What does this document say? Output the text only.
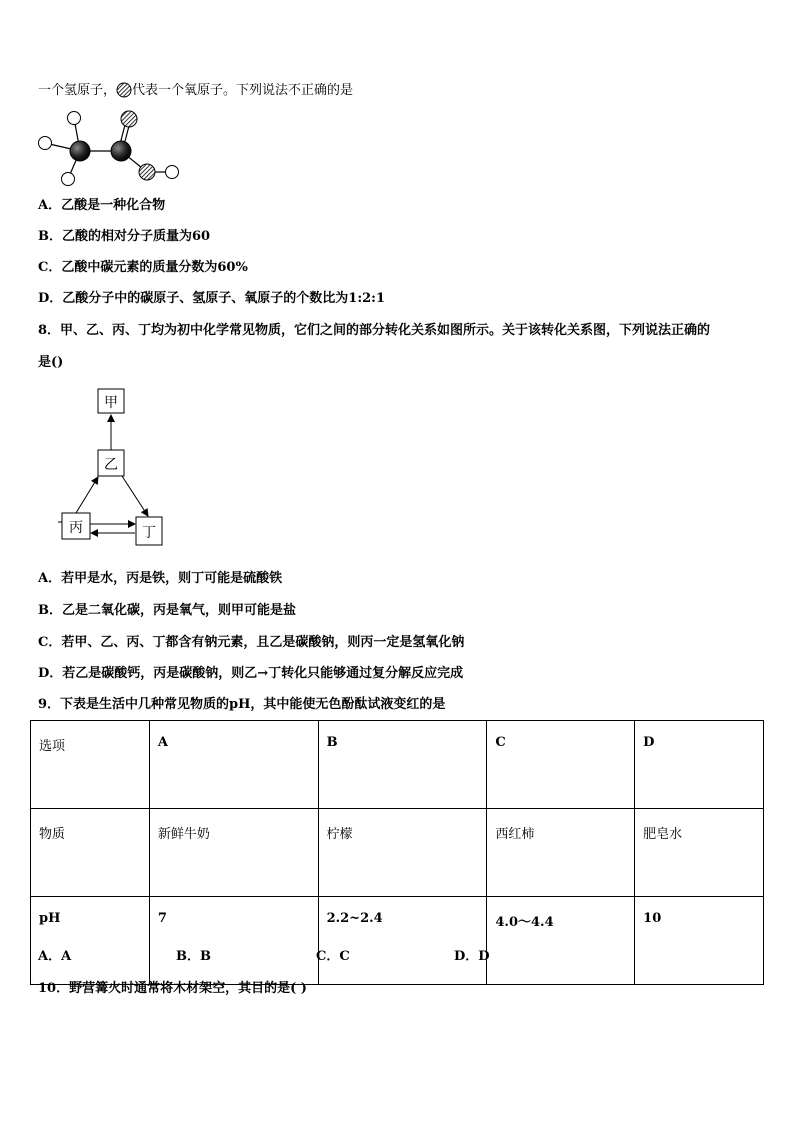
一个氢原子， 代表一个氧原子。下列说法不正确的是
A．乙酸是一种化合物
B．乙酸的相对分子质量为60
C．乙酸中碳元素的质量分数为60%
D．乙酸分子中的碳原子、氢原子、氧原子的个数比为1:2:1
8．甲、乙、丙、丁均为初中化学常见物质，它们之间的部分转化关系如图所示。关于该转化关系图，下列说法正确的
是()
甲
乙
丙	丁
A．若甲是水，丙是铁，则丁可能是硫酸铁
B．乙是二氧化碳，丙是氧气，则甲可能是盐
C．若甲、乙、丙、丁都含有钠元素，且乙是碳酸钠，则丙一定是氢氧化钠
D．若乙是碳酸钙，丙是碳酸钠，则乙→丁转化只能够通过复分解反应完成
9．下表是生活中几种常见物质的pH，其中能使无色酚酞试液变红的是
选项	A	B	C	D
物质	新鲜牛奶	柠檬	西红柿	肥皂水
pH	7	2.2~2.4	4.0～4.4	10
A．A	B．B	C．C	D．D
10．野营篝火时通常将木材架空，其目的是( )
